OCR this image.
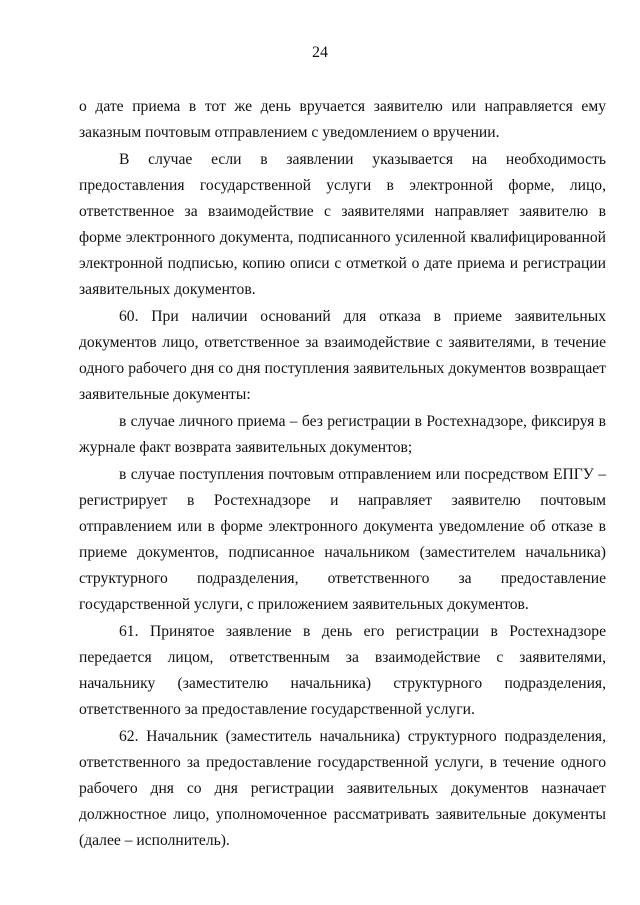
24

о дате приема в тот же день вручается заявителю или направляется ему заказным почтовым отправлением с уведомлением о вручении.

В случае если в заявлении указывается на необходимость предоставления государственной услуги в электронной форме, лицо, ответственное за взаимодействие с заявителями направляет заявителю в форме электронного документа, подписанного усиленной квалифицированной электронной подписью, копию описи с отметкой о дате приема и регистрации заявительных документов.

60. При наличии оснований для отказа в приеме заявительных документов лицо, ответственное за взаимодействие с заявителями, в течение одного рабочего дня со дня поступления заявительных документов возвращает заявительные документы:

в случае личного приема – без регистрации в Ростехнадзоре, фиксируя в журнале факт возврата заявительных документов;

в случае поступления почтовым отправлением или посредством ЕПГУ – регистрирует в Ростехнадзоре и направляет заявителю почтовым отправлением или в форме электронного документа уведомление об отказе в приеме документов, подписанное начальником (заместителем начальника) структурного подразделения, ответственного за предоставление государственной услуги, с приложением заявительных документов.

61. Принятое заявление в день его регистрации в Ростехнадзоре передается лицом, ответственным за взаимодействие с заявителями, начальнику (заместителю начальника) структурного подразделения, ответственного за предоставление государственной услуги.

62. Начальник (заместитель начальника) структурного подразделения, ответственного за предоставление государственной услуги, в течение одного рабочего дня со дня регистрации заявительных документов назначает должностное лицо, уполномоченное рассматривать заявительные документы (далее – исполнитель).
